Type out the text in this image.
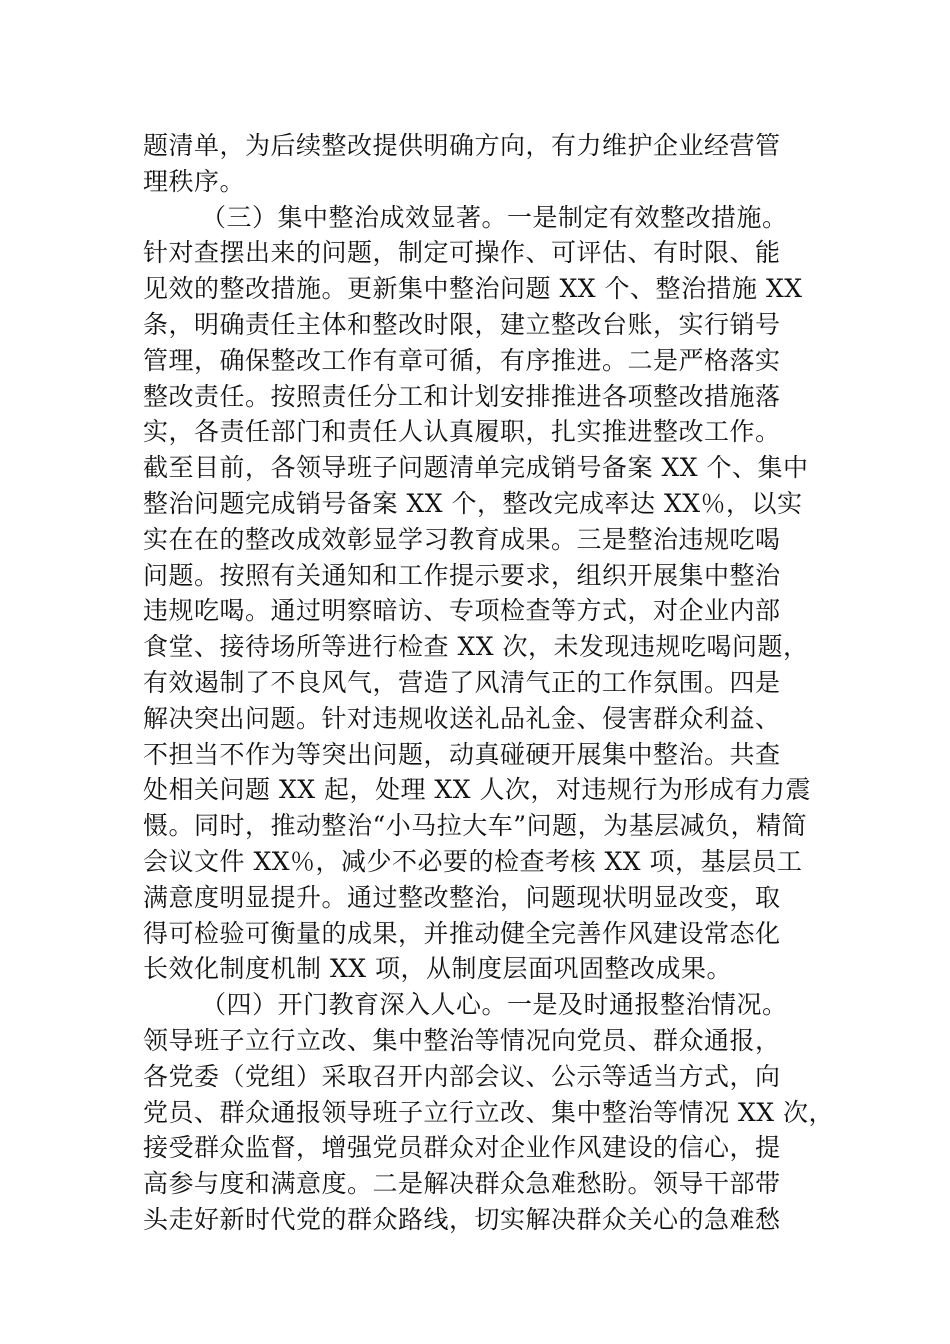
题清单，为后续整改提供明确方向，有力维护企业经营管
理秩序。
（三）集中整治成效显著。一是制定有效整改措施。
针对查摆出来的问题，制定可操作、可评估、有时限、能
见效的整改措施。更新集中整治问题 XX 个、整治措施 XX
条，明确责任主体和整改时限，建立整改台账，实行销号
管理，确保整改工作有章可循，有序推进。二是严格落实
整改责任。按照责任分工和计划安排推进各项整改措施落
实，各责任部门和责任人认真履职，扎实推进整改工作。
截至目前，各领导班子问题清单完成销号备案 XX 个、集中
整治问题完成销号备案 XX 个，整改完成率达 XX％，以实
实在在的整改成效彰显学习教育成果。三是整治违规吃喝
问题。按照有关通知和工作提示要求，组织开展集中整治
违规吃喝。通过明察暗访、专项检查等方式，对企业内部
食堂、接待场所等进行检查 XX 次，未发现违规吃喝问题，
有效遏制了不良风气，营造了风清气正的工作氛围。四是
解决突出问题。针对违规收送礼品礼金、侵害群众利益、
不担当不作为等突出问题，动真碰硬开展集中整治。共查
处相关问题 XX 起，处理 XX 人次，对违规行为形成有力震
慑。同时，推动整治“小马拉大车”问题，为基层减负，精简
会议文件 XX％，减少不必要的检查考核 XX 项，基层员工
满意度明显提升。通过整改整治，问题现状明显改变，取
得可检验可衡量的成果，并推动健全完善作风建设常态化
长效化制度机制 XX 项，从制度层面巩固整改成果。
（四）开门教育深入人心。一是及时通报整治情况。
领导班子立行立改、集中整治等情况向党员、群众通报，
各党委（党组）采取召开内部会议、公示等适当方式，向
党员、群众通报领导班子立行立改、集中整治等情况 XX 次，
接受群众监督，增强党员群众对企业作风建设的信心，提
高参与度和满意度。二是解决群众急难愁盼。领导干部带
头走好新时代党的群众路线，切实解决群众关心的急难愁
